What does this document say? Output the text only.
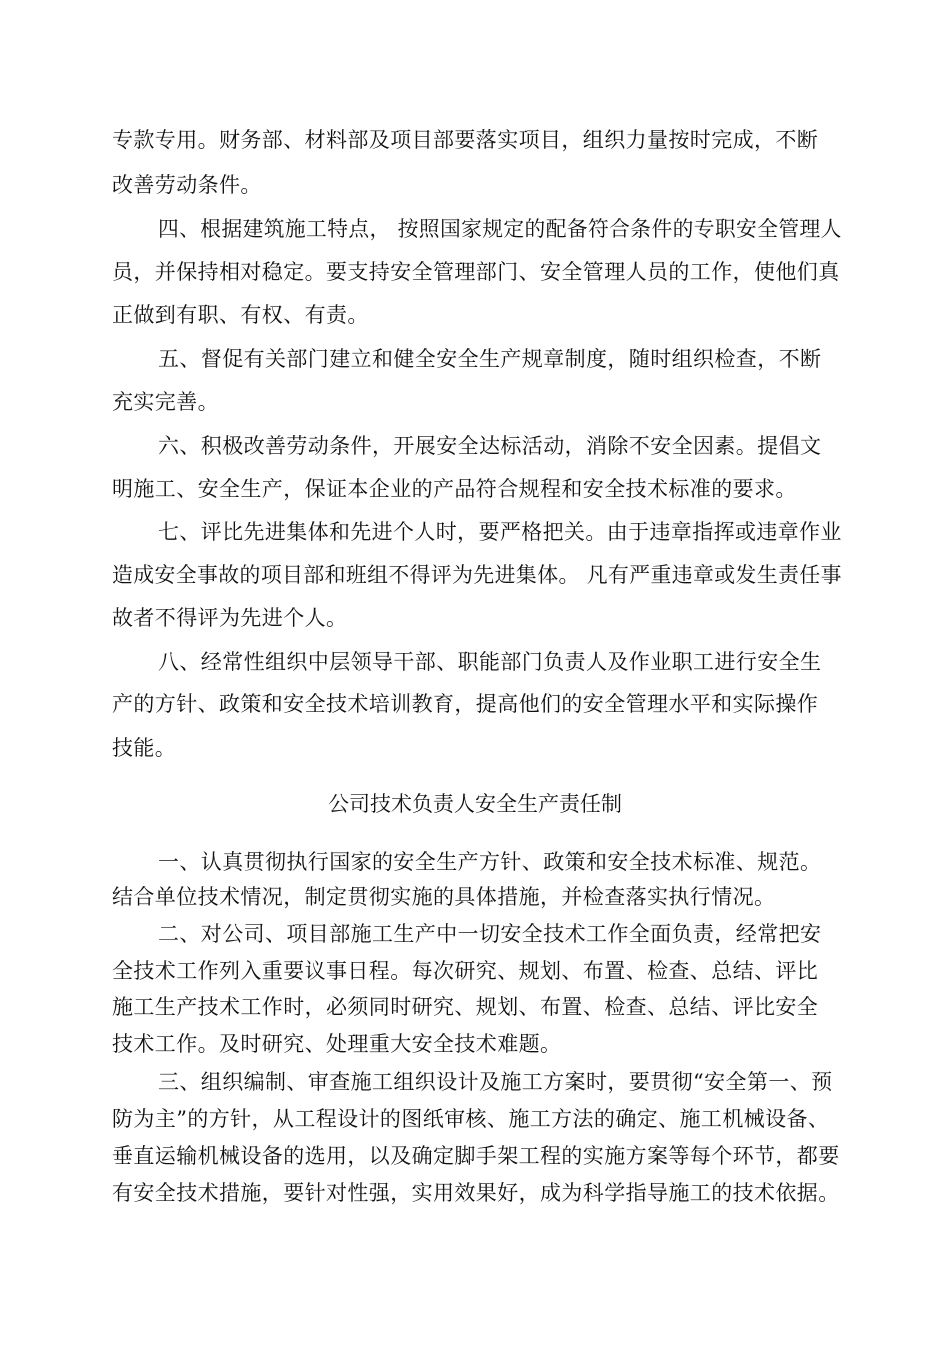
专款专用。财务部、材料部及项目部要落实项目，组织力量按时完成，不断
改善劳动条件。
四、根据建筑施工特点， 按照国家规定的配备符合条件的专职安全管理人
员，并保持相对稳定。要支持安全管理部门、安全管理人员的工作，使他们真
正做到有职、有权、有责。
五、督促有关部门建立和健全安全生产规章制度，随时组织检查，不断
充实完善。
六、积极改善劳动条件，开展安全达标活动，消除不安全因素。提倡文
明施工、安全生产，保证本企业的产品符合规程和安全技术标准的要求。
七、评比先进集体和先进个人时，要严格把关。由于违章指挥或违章作业
造成安全事故的项目部和班组不得评为先进集体。 凡有严重违章或发生责任事
故者不得评为先进个人。
八、经常性组织中层领导干部、职能部门负责人及作业职工进行安全生
产的方针、政策和安全技术培训教育，提高他们的安全管理水平和实际操作
技能。
公司技术负责人安全生产责任制
一、认真贯彻执行国家的安全生产方针、政策和安全技术标准、规范。
结合单位技术情况，制定贯彻实施的具体措施，并检查落实执行情况。
二、对公司、项目部施工生产中一切安全技术工作全面负责，经常把安
全技术工作列入重要议事日程。每次研究、规划、布置、检查、总结、评比
施工生产技术工作时，必须同时研究、规划、布置、检查、总结、评比安全
技术工作。及时研究、处理重大安全技术难题。
三、组织编制、审查施工组织设计及施工方案时，要贯彻“安全第一、预
防为主”的方针，从工程设计的图纸审核、施工方法的确定、施工机械设备、
垂直运输机械设备的选用，以及确定脚手架工程的实施方案等每个环节，都要
有安全技术措施，要针对性强，实用效果好，成为科学指导施工的技术依据。
